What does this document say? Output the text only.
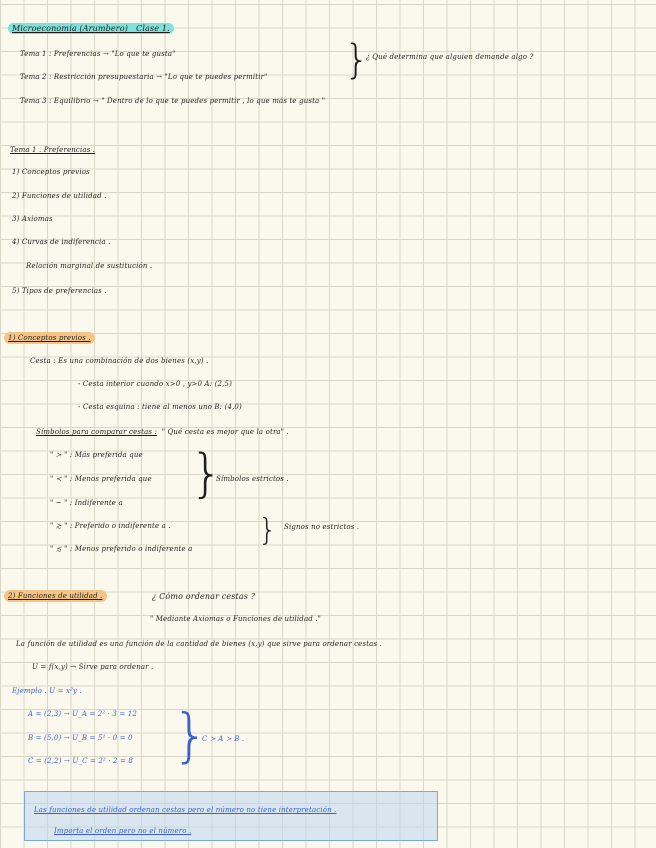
Microeconomía (Arumbero) Clase 1.
Tema 1 : Preferencias → "Lo que te gusta"
Tema 2 : Restricción presupuestaria → "Lo que te puedes permitir"
Tema 3 : Equilibrio → " Dentro de lo que te puedes permitir , lo que más te gusta "
}
¿ Qué determina que alguien demande algo ?
Tema 1 . Preferencias .
1) Conceptos previos
2) Funciones de utilidad .
3) Axiomas
4) Curvas de indiferencia .
Relación marginal de sustitución .
5) Tipos de preferencias .
1) Conceptos previos .
Cesta : Es una combinación de dos bienes (x,y) .
- Cesta interior cuando x>0 , y>0 A: (2,5)
- Cesta esquina : tiene al menos uno B: (4,0)
Símbolos para comparar cestas : " Qué cesta es mejor que la otra" .
" ≻ " : Más preferida que
" ≺ " : Menos preferida que
" ~ " : Indiferente a
" ≿ " : Preferido o indiferente a .
" ≾ " : Menos preferido o indiferente a
}
Símbolos estrictos .
} Signos no estrictos .
2) Funciones de utilidad .	¿ Cómo ordenar cestas ?
" Mediante Axiomas o Funciones de utilidad ."
La función de utilidad es una función de la cantidad de bienes (x,y) que sirve para ordenar cestas .
U = f(x,y) → Sirve para ordenar .
Ejemplo . U = x²y .
A = (2,3) → U_A = 2² · 3 = 12
B = (5,0) → U_B = 5² · 0 = 0
C = (2,2) → U_C = 2² · 2 = 8 }
C ≻ A ≻ B .
Las funciones de utilidad ordenan cestas pero el número no tiene interpretación .
Importa el orden pero no el número .
